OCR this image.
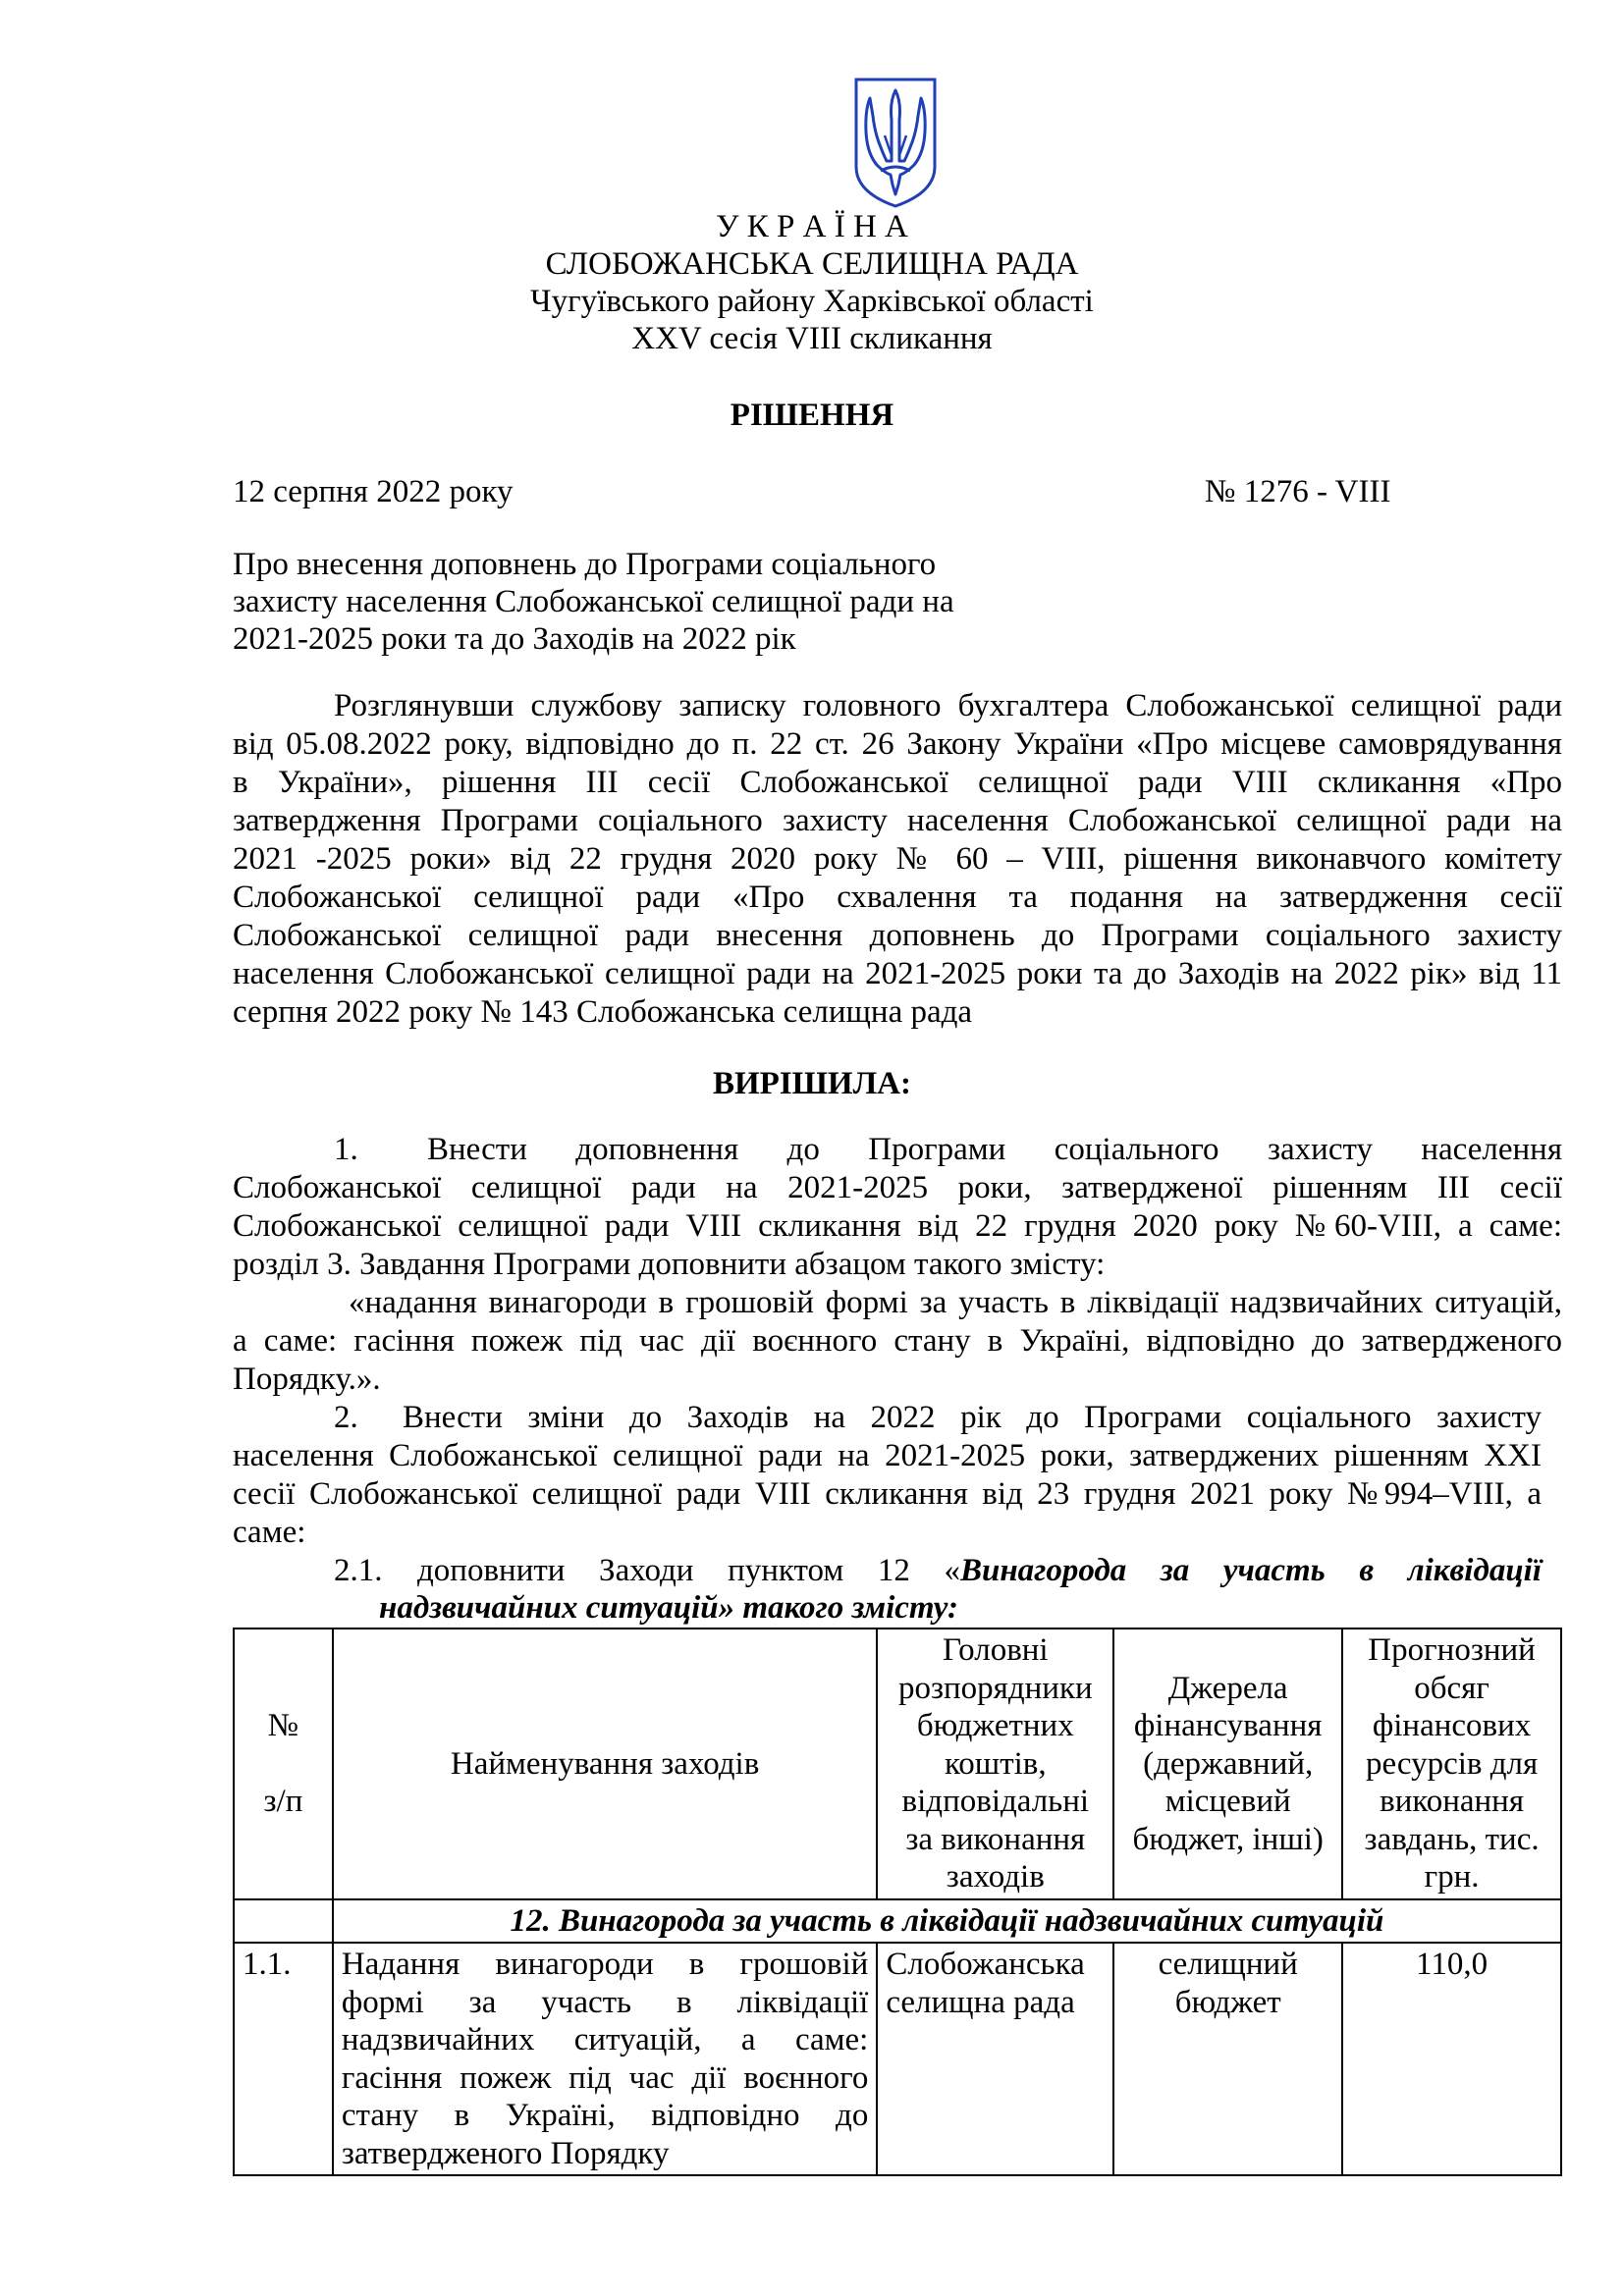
У К Р А Ї Н А
СЛОБОЖАНСЬКА СЕЛИЩНА РАДА
Чугуївського району Харківської області
XXV сесія VIII скликання
РІШЕННЯ
12 серпня 2022 року	№ 1276 - VIII
Про внесення доповнень до Програми соціального
захисту населення Слобожанської селищної ради на
2021-2025 роки та до Заходів на 2022 рік
Розглянувши службову записку головного бухгалтера Слобожанської селищної ради
від 05.08.2022 року, відповідно до п. 22 ст. 26 Закону України «Про місцеве самоврядування
в України», рішення ІІІ сесії Слобожанської селищної ради VIІІ скликання «Про
затвердження Програми соціального захисту населення Слобожанської селищної ради на
2021 -2025 роки» від 22 грудня 2020 року № 60 – VIII, рішення виконавчого комітету
Слобожанської селищної ради «Про схвалення та подання на затвердження сесії
Слобожанської селищної ради внесення доповнень до Програми соціального захисту
населення Слобожанської селищної ради на 2021-2025 роки та до Заходів на 2022 рік» від 11
серпня 2022 року № 143 Слобожанська селищна рада
ВИРІШИЛА:
1. Внести доповнення до Програми соціального захисту населення
Слобожанської селищної ради на 2021-2025 роки, затвердженої рішенням ІІІ сесії
Слобожанської селищної ради VIII скликання від 22 грудня 2020 року №60-VIII, а саме:
розділ 3. Завдання Програми доповнити абзацом такого змісту:
«надання винагороди в грошовій формі за участь в ліквідації надзвичайних ситуацій,
а саме: гасіння пожеж під час дії воєнного стану в Україні, відповідно до затвердженого
Порядку.».
2. Внести зміни до Заходів на 2022 рік до Програми соціального захисту
населення Слобожанської селищної ради на 2021-2025 роки, затверджених рішенням XXI
сесії Слобожанської селищної ради VIII скликання від 23 грудня 2021 року №994–VIII, а
саме:
2.1. доповнити Заходи пунктом 12 «Винагорода за участь в ліквідації
надзвичайних ситуацій» такого змісту:
№
з/п	Найменування заходів	Головні розпорядники бюджетних коштів, відповідальні за виконання заходів	Джерела фінансування (державний, місцевий бюджет, інші)	Прогнозний обсяг фінансових ресурсів для виконання завдань, тис. грн.
	12. Винагорода за участь в ліквідації надзвичайних ситуацій			
1.1.	Надання винагороди в грошовій формі за участь в ліквідації надзвичайних ситуацій, а саме: гасіння пожеж під час дії воєнного стану в Україні, відповідно до затвердженого Порядку	Слобожанська селищна рада	селищний бюджет	110,0
